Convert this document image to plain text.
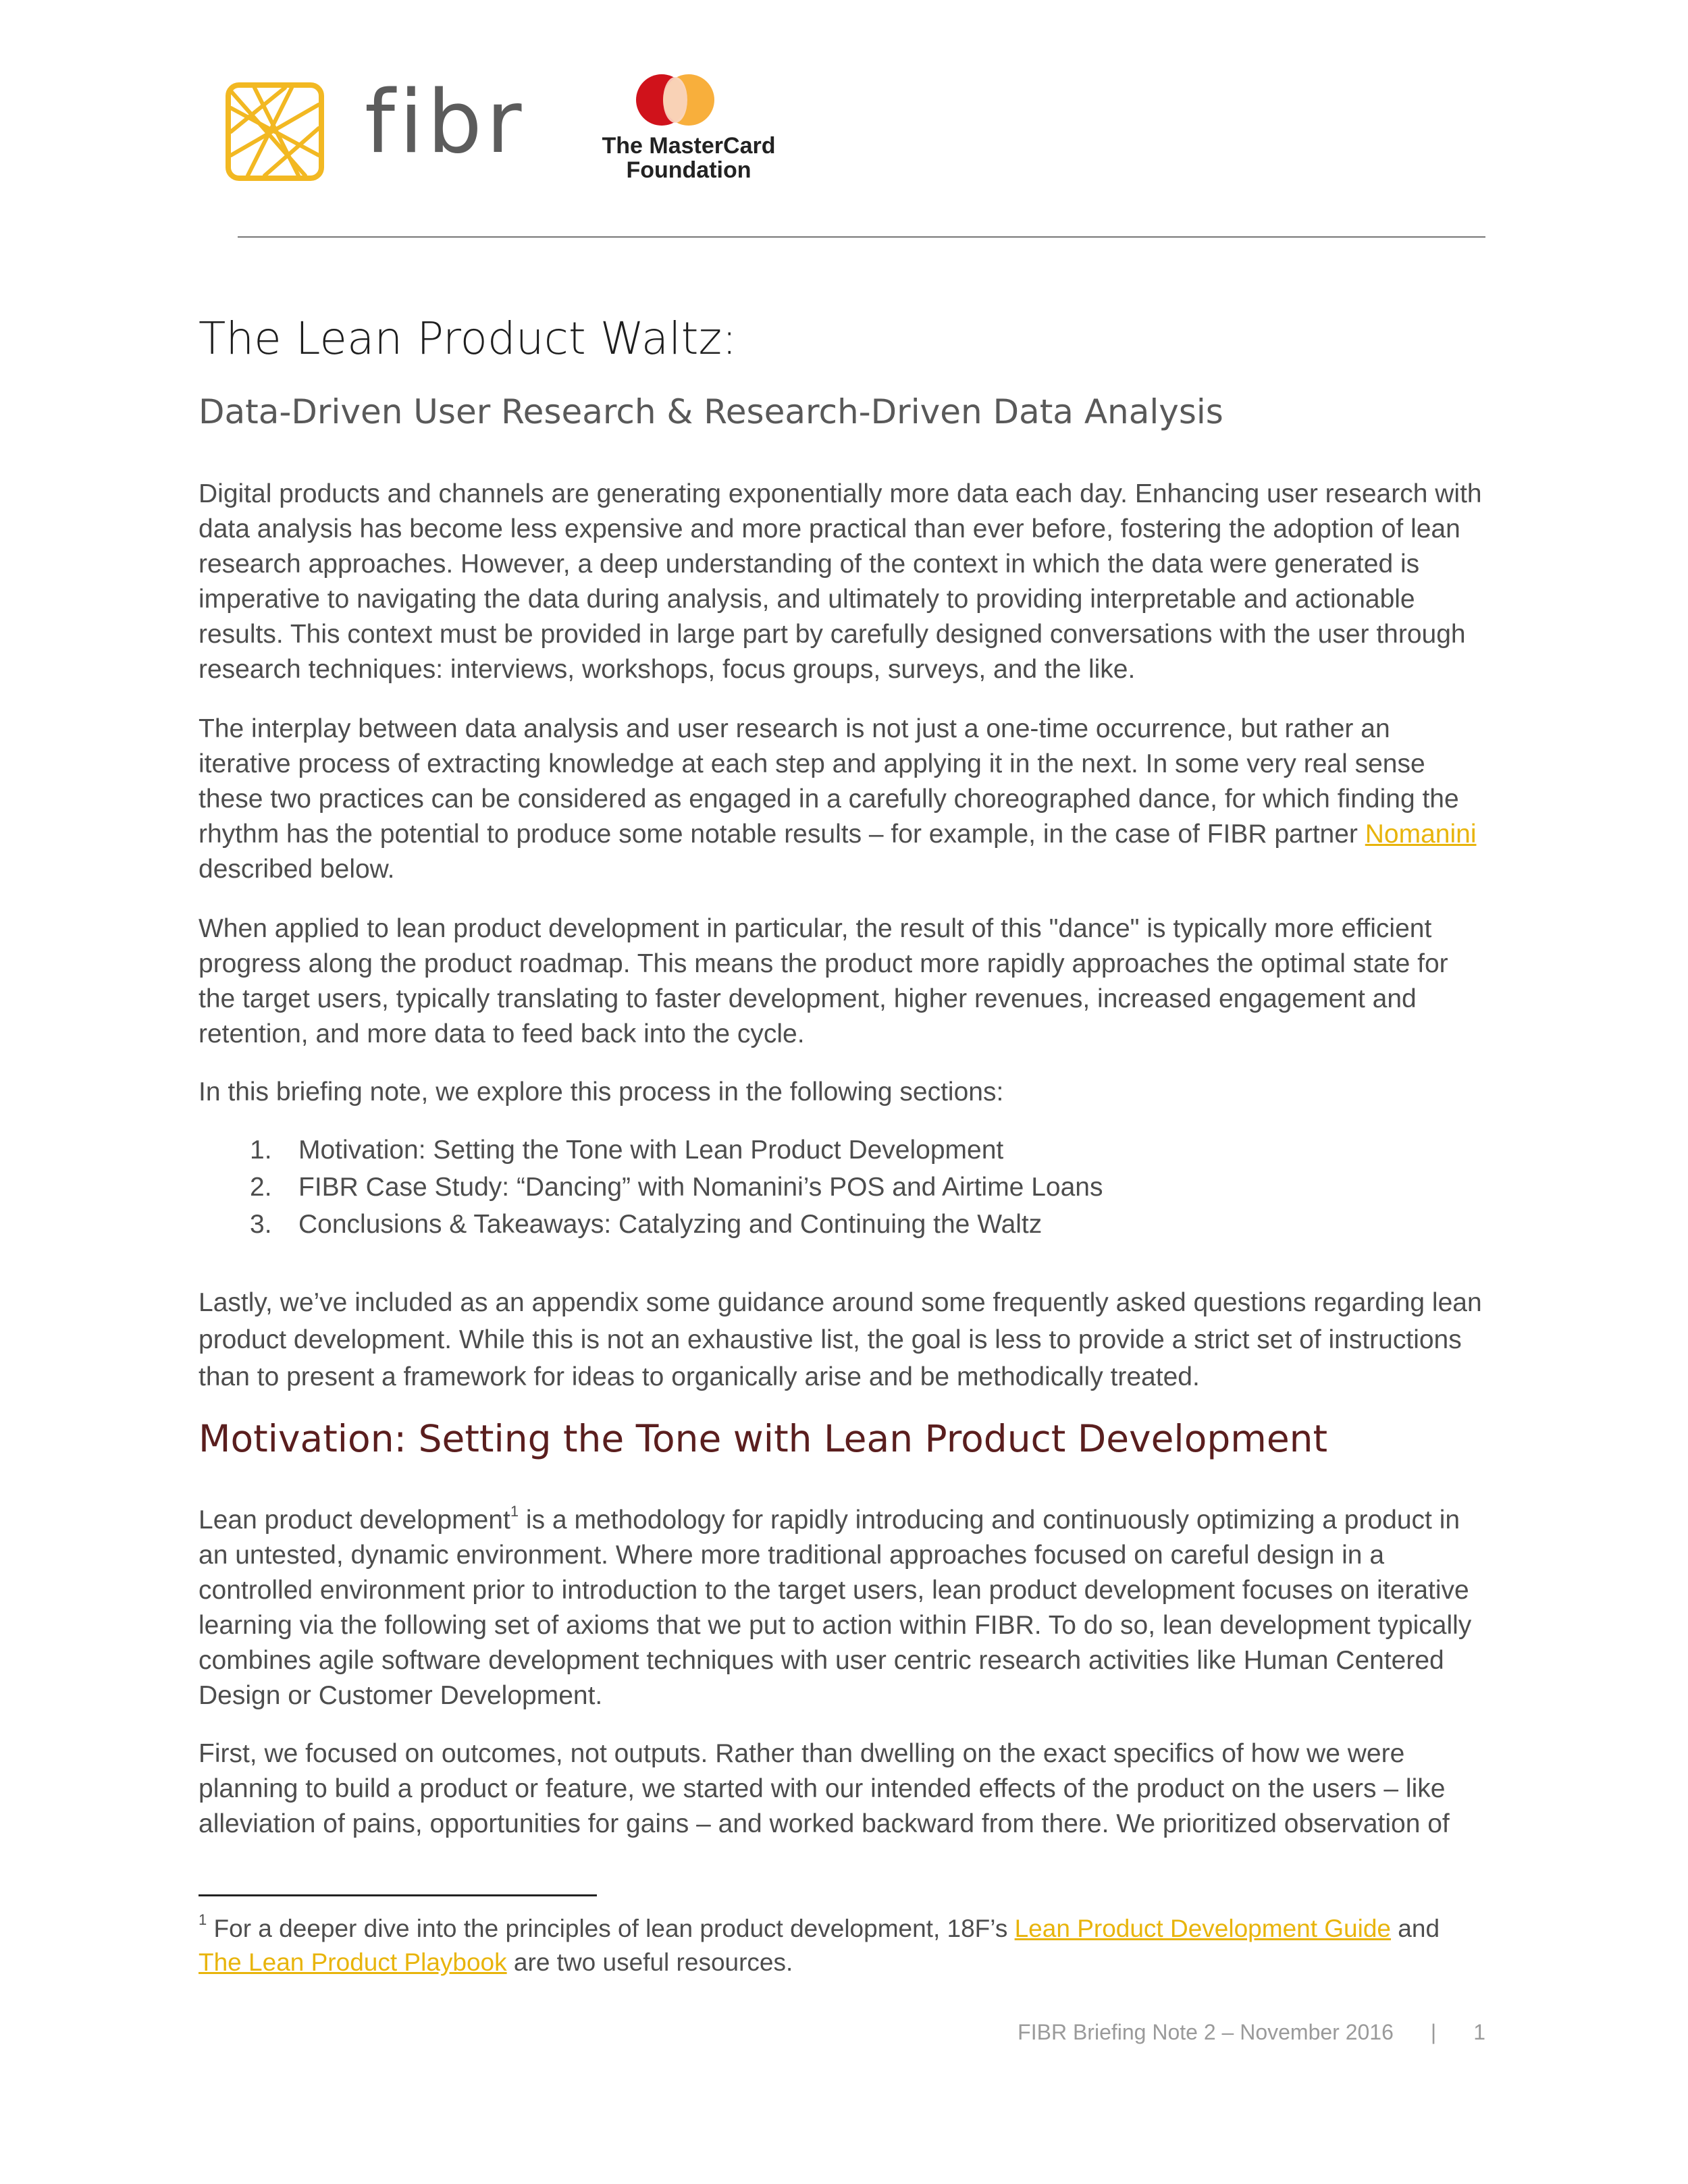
fibr	The MasterCard
Foundation
The Lean Product Waltz:
Data-Driven User Research & Research-Driven Data Analysis

Digital products and channels are generating exponentially more data each day. Enhancing user research with data analysis has become less expensive and more practical than ever before, fostering the adoption of lean research approaches. However, a deep understanding of the context in which the data were generated is imperative to navigating the data during analysis, and ultimately to providing interpretable and actionable results. This context must be provided in large part by carefully designed conversations with the user through research techniques: interviews, workshops, focus groups, surveys, and the like.

The interplay between data analysis and user research is not just a one-time occurrence, but rather an iterative process of extracting knowledge at each step and applying it in the next. In some very real sense these two practices can be considered as engaged in a carefully choreographed dance, for which finding the rhythm has the potential to produce some notable results – for example, in the case of FIBR partner Nomanini described below.

When applied to lean product development in particular, the result of this "dance" is typically more efficient progress along the product roadmap. This means the product more rapidly approaches the optimal state for the target users, typically translating to faster development, higher revenues, increased engagement and retention, and more data to feed back into the cycle.

In this briefing note, we explore this process in the following sections:

1. Motivation: Setting the Tone with Lean Product Development
2. FIBR Case Study: “Dancing” with Nomanini’s POS and Airtime Loans
3. Conclusions & Takeaways: Catalyzing and Continuing the Waltz

Lastly, we’ve included as an appendix some guidance around some frequently asked questions regarding lean product development. While this is not an exhaustive list, the goal is less to provide a strict set of instructions than to present a framework for ideas to organically arise and be methodically treated.

Motivation: Setting the Tone with Lean Product Development

Lean product development$^1$ is a methodology for rapidly introducing and continuously optimizing a product in an untested, dynamic environment. Where more traditional approaches focused on careful design in a controlled environment prior to introduction to the target users, lean product development focuses on iterative learning via the following set of axioms that we put to action within FIBR. To do so, lean development typically combines agile software development techniques with user centric research activities like Human Centered Design or Customer Development.

First, we focused on outcomes, not outputs. Rather than dwelling on the exact specifics of how we were planning to build a product or feature, we started with our intended effects of the product on the users – like alleviation of pains, opportunities for gains – and worked backward from there. We prioritized observation of

$^1$ For a deeper dive into the principles of lean product development, 18F’s Lean Product Development Guide and The Lean Product Playbook are two useful resources.
FIBR Briefing Note 2 – November 2016 | 1
